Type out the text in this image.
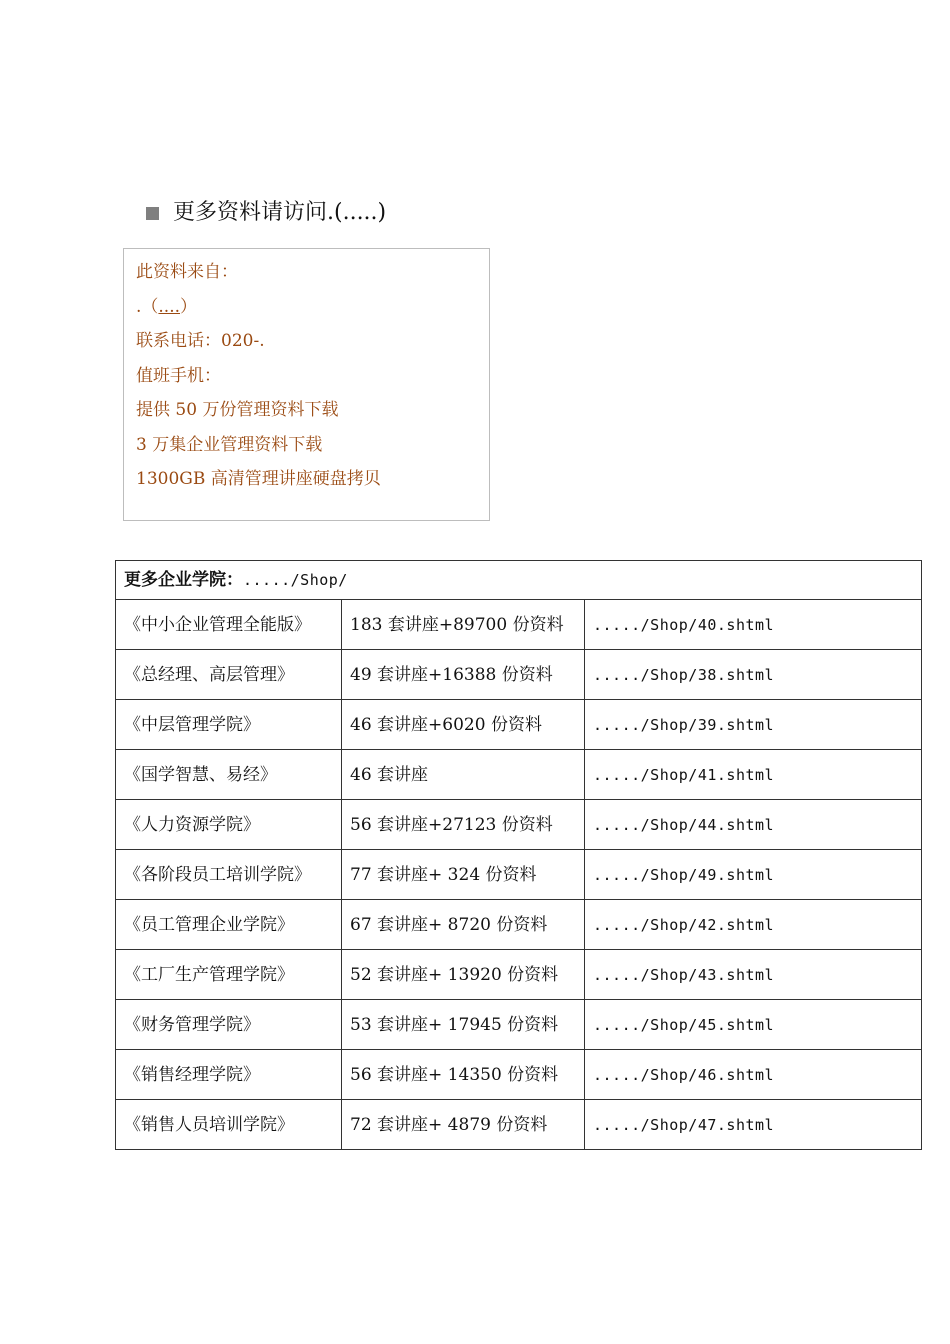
更多资料请访问.(.....)
此资料来自：
.（....）
联系电话：020-.
值班手机：
提供 50 万份管理资料下载
3 万集企业管理资料下载
1300GB 高清管理讲座硬盘拷贝
更多企业学院：...../Shop/		
《中小企业管理全能版》	183 套讲座+89700 份资料	...../Shop/40.shtml
《总经理、高层管理》	49 套讲座+16388 份资料	...../Shop/38.shtml
《中层管理学院》	46 套讲座+6020 份资料	...../Shop/39.shtml
《国学智慧、易经》	46 套讲座	...../Shop/41.shtml
《人力资源学院》	56 套讲座+27123 份资料	...../Shop/44.shtml
《各阶段员工培训学院》	77 套讲座+ 324 份资料	...../Shop/49.shtml
《员工管理企业学院》	67 套讲座+ 8720 份资料	...../Shop/42.shtml
《工厂生产管理学院》	52 套讲座+ 13920 份资料	...../Shop/43.shtml
《财务管理学院》	53 套讲座+ 17945 份资料	...../Shop/45.shtml
《销售经理学院》	56 套讲座+ 14350 份资料	...../Shop/46.shtml
《销售人员培训学院》	72 套讲座+ 4879 份资料	...../Shop/47.shtml
